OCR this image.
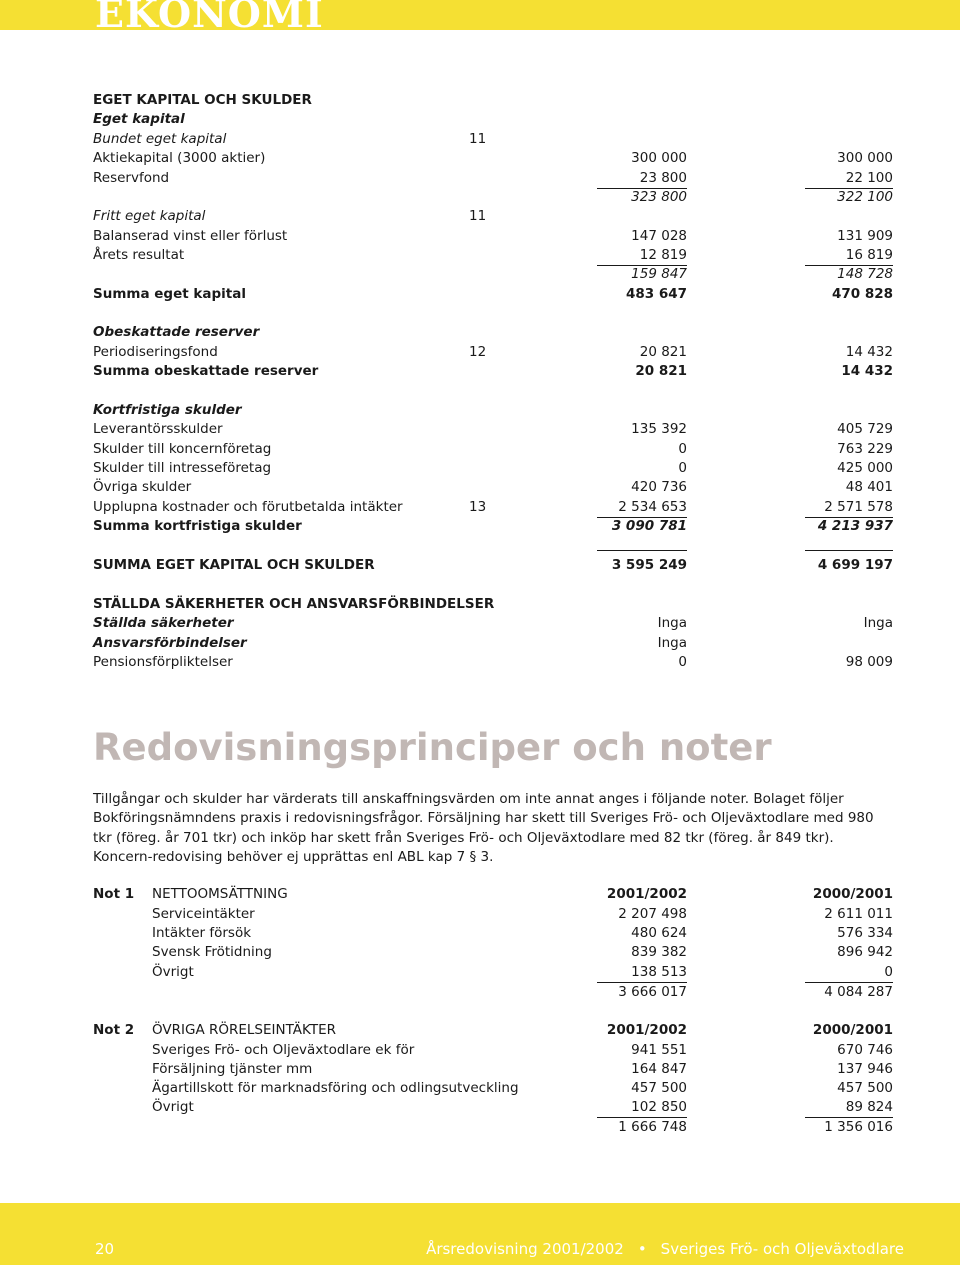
EKONOMI
EGET KAPITAL OCH SKULDER
Eget kapital
Bundet eget kapital	11
Aktiekapital (3000 aktier)	300 000	300 000
Reservfond	23 800	22 100
323 800	322 100
Fritt eget kapital	11
Balanserad vinst eller förlust	147 028	131 909
Årets resultat	12 819	16 819
159 847	148 728
Summa eget kapital	483 647	470 828
Obeskattade reserver
Periodiseringsfond	12	20 821	14 432
Summa obeskattade reserver	20 821	14 432
Kortfristiga skulder
Leverantörsskulder	135 392	405 729
Skulder till koncernföretag	0	763 229
Skulder till intresseföretag	0	425 000
Övriga skulder	420 736	48 401
Upplupna kostnader och förutbetalda intäkter	13	2 534 653	2 571 578
Summa kortfristiga skulder	3 090 781	4 213 937
SUMMA EGET KAPITAL OCH SKULDER	3 595 249	4 699 197
STÄLLDA SÄKERHETER OCH ANSVARSFÖRBINDELSER
Ställda säkerheter	Inga	Inga
Ansvarsförbindelser	Inga
Pensionsförpliktelser	0	98 009
Redovisningsprinciper och noter
Tillgångar och skulder har värderats till anskaffningsvärden om inte annat anges i följande noter. Bolaget följer Bokföringsnämndens praxis i redovisningsfrågor. Försäljning har skett till Sveriges Frö- och Oljeväxtodlare med 980 tkr (föreg. år 701 tkr) och inköp har skett från Sveriges Frö- och Oljeväxtodlare med 82 tkr (föreg. år 849 tkr). Koncern-redovising behöver ej upprättas enl ABL kap 7 § 3.
Not 1 NETTOOMSÄTTNING	2001/2002	2000/2001
Serviceintäkter	2 207 498	2 611 011
Intäkter försök	480 624	576 334
Svensk Frötidning	839 382	896 942
Övrigt	138 513	0
3 666 017	4 084 287
Not 2 ÖVRIGA RÖRELSEINTÄKTER	2001/2002	2000/2001
Sveriges Frö- och Oljeväxtodlare ek för	941 551	670 746
Försäljning tjänster mm	164 847	137 946
Ägartillskott för marknadsföring och odlingsutveckling	457 500	457 500
Övrigt	102 850	89 824
1 666 748	1 356 016
20	Årsredovisning 2001/2002 • Sveriges Frö- och Oljeväxtodlare
